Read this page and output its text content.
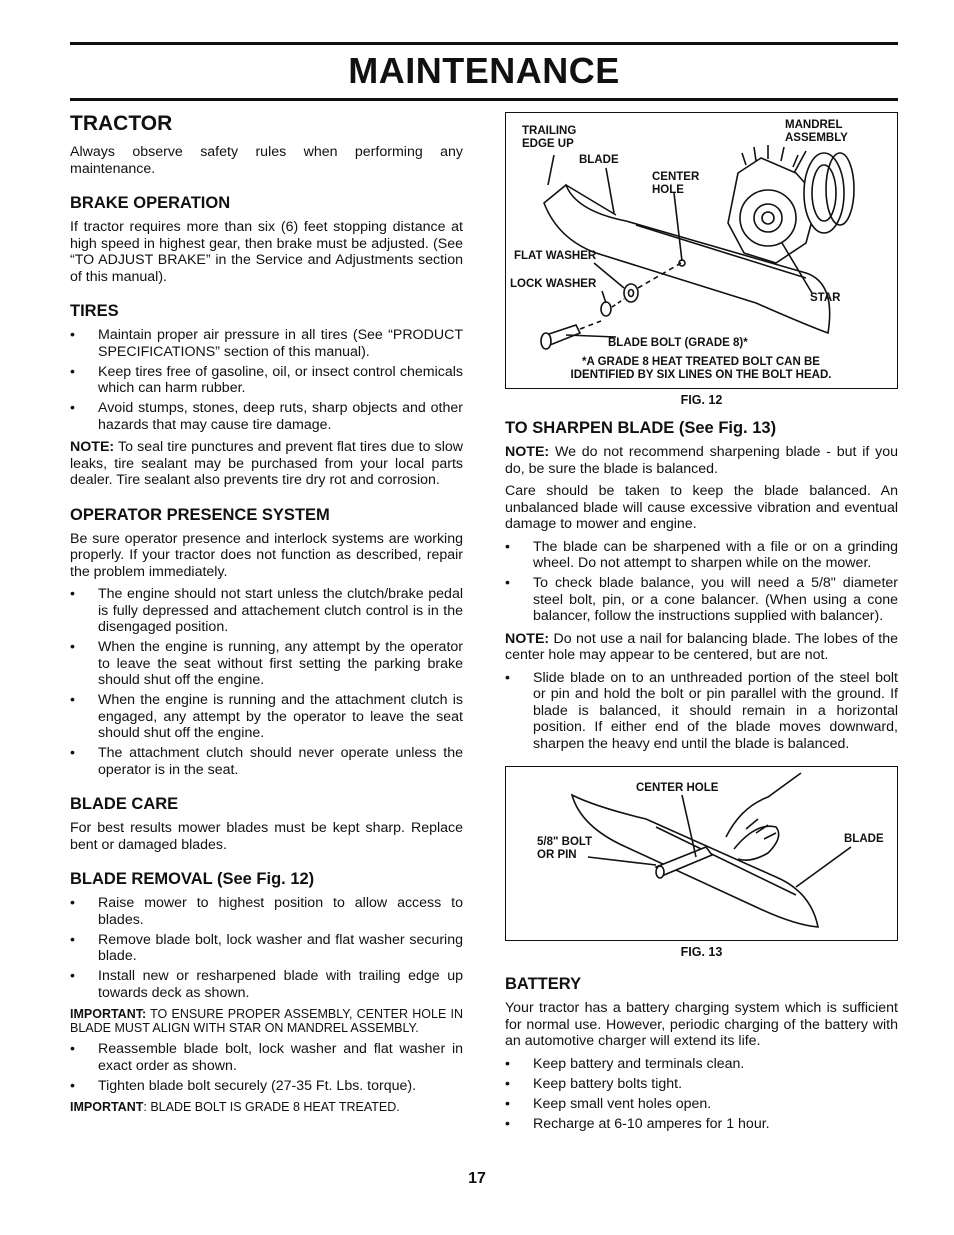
MAINTENANCE
TRACTOR

Always observe safety rules when performing any maintenance.

BRAKE OPERATION

If tractor requires more than six (6) feet stopping distance at high speed in highest gear, then brake must be adjusted. (See “TO ADJUST BRAKE” in the Service and Adjustments section of this manual).

TIRES
• Maintain proper air pressure in all tires (See “PRODUCT SPECIFICATIONS” section of this manual).
• Keep tires free of gasoline, oil, or insect control chemicals which can harm rubber.
• Avoid stumps, stones, deep ruts, sharp objects and other hazards that may cause tire damage.

NOTE: To seal tire punctures and prevent flat tires due to slow leaks, tire sealant may be purchased from your local parts dealer. Tire sealant also prevents tire dry rot and corrosion.

OPERATOR PRESENCE SYSTEM

Be sure operator presence and interlock systems are working properly. If your tractor does not function as described, repair the problem immediately.

• The engine should not start unless the clutch/brake pedal is fully depressed and attachement clutch control is in the disengaged position.
• When the engine is running, any attempt by the operator to leave the seat without first setting the parking brake should shut off the engine.
• When the engine is running and the attachment clutch is engaged, any attempt by the operator to leave the seat should shut off the engine.
• The attachment clutch should never operate unless the operator is in the seat.
BLADE CARE

For best results mower blades must be kept sharp. Replace bent or damaged blades.

BLADE REMOVAL (See Fig. 12)
• Raise mower to highest position to allow access to blades.
• Remove blade bolt, lock washer and flat washer securing blade.
• Install new or resharpened blade with trailing edge up towards deck as shown.

IMPORTANT: TO ENSURE PROPER ASSEMBLY, CENTER HOLE IN BLADE MUST ALIGN WITH STAR ON MANDREL ASSEMBLY.

• Reassemble blade bolt, lock washer and flat washer in exact order as shown.
• Tighten blade bolt securely (27-35 Ft. Lbs. torque).

IMPORTANT: BLADE BOLT IS GRADE 8 HEAT TREATED.

TRAILING
EDGE UP
BLADE
CENTER
HOLE
MANDREL
ASSEMBLY
FLAT WASHER
LOCK WASHER
STAR
BLADE BOLT (GRADE 8)*
*A GRADE 8 HEAT TREATED BOLT CAN BE
IDENTIFIED BY SIX LINES ON THE BOLT HEAD.
FIG. 12
TO SHARPEN BLADE (See Fig. 13)

NOTE: We do not recommend sharpening blade - but if you do, be sure the blade is balanced.

Care should be taken to keep the blade balanced. An unbalanced blade will cause excessive vibration and eventual damage to mower and engine.

• The blade can be sharpened with a file or on a grinding wheel. Do not attempt to sharpen while on the mower.
• To check blade balance, you will need a 5/8" diameter steel bolt, pin, or a cone balancer. (When using a cone balancer, follow the instructions supplied with balancer).

NOTE: Do not use a nail for balancing blade. The lobes of the center hole may appear to be centered, but are not.

• Slide blade on to an unthreaded portion of the steel bolt or pin and hold the bolt or pin parallel with the ground. If blade is balanced, it should remain in a horizontal position. If either end of the blade moves downward, sharpen the heavy end until the blade is balanced.
CENTER HOLE
5/8" BOLT
OR PIN
BLADE
FIG. 13
BATTERY

Your tractor has a battery charging system which is sufficient for normal use. However, periodic charging of the battery with an automotive charger will extend its life.

• Keep battery and terminals clean.
• Keep battery bolts tight.
• Keep small vent holes open.
• Recharge at 6-10 amperes for 1 hour.
17
